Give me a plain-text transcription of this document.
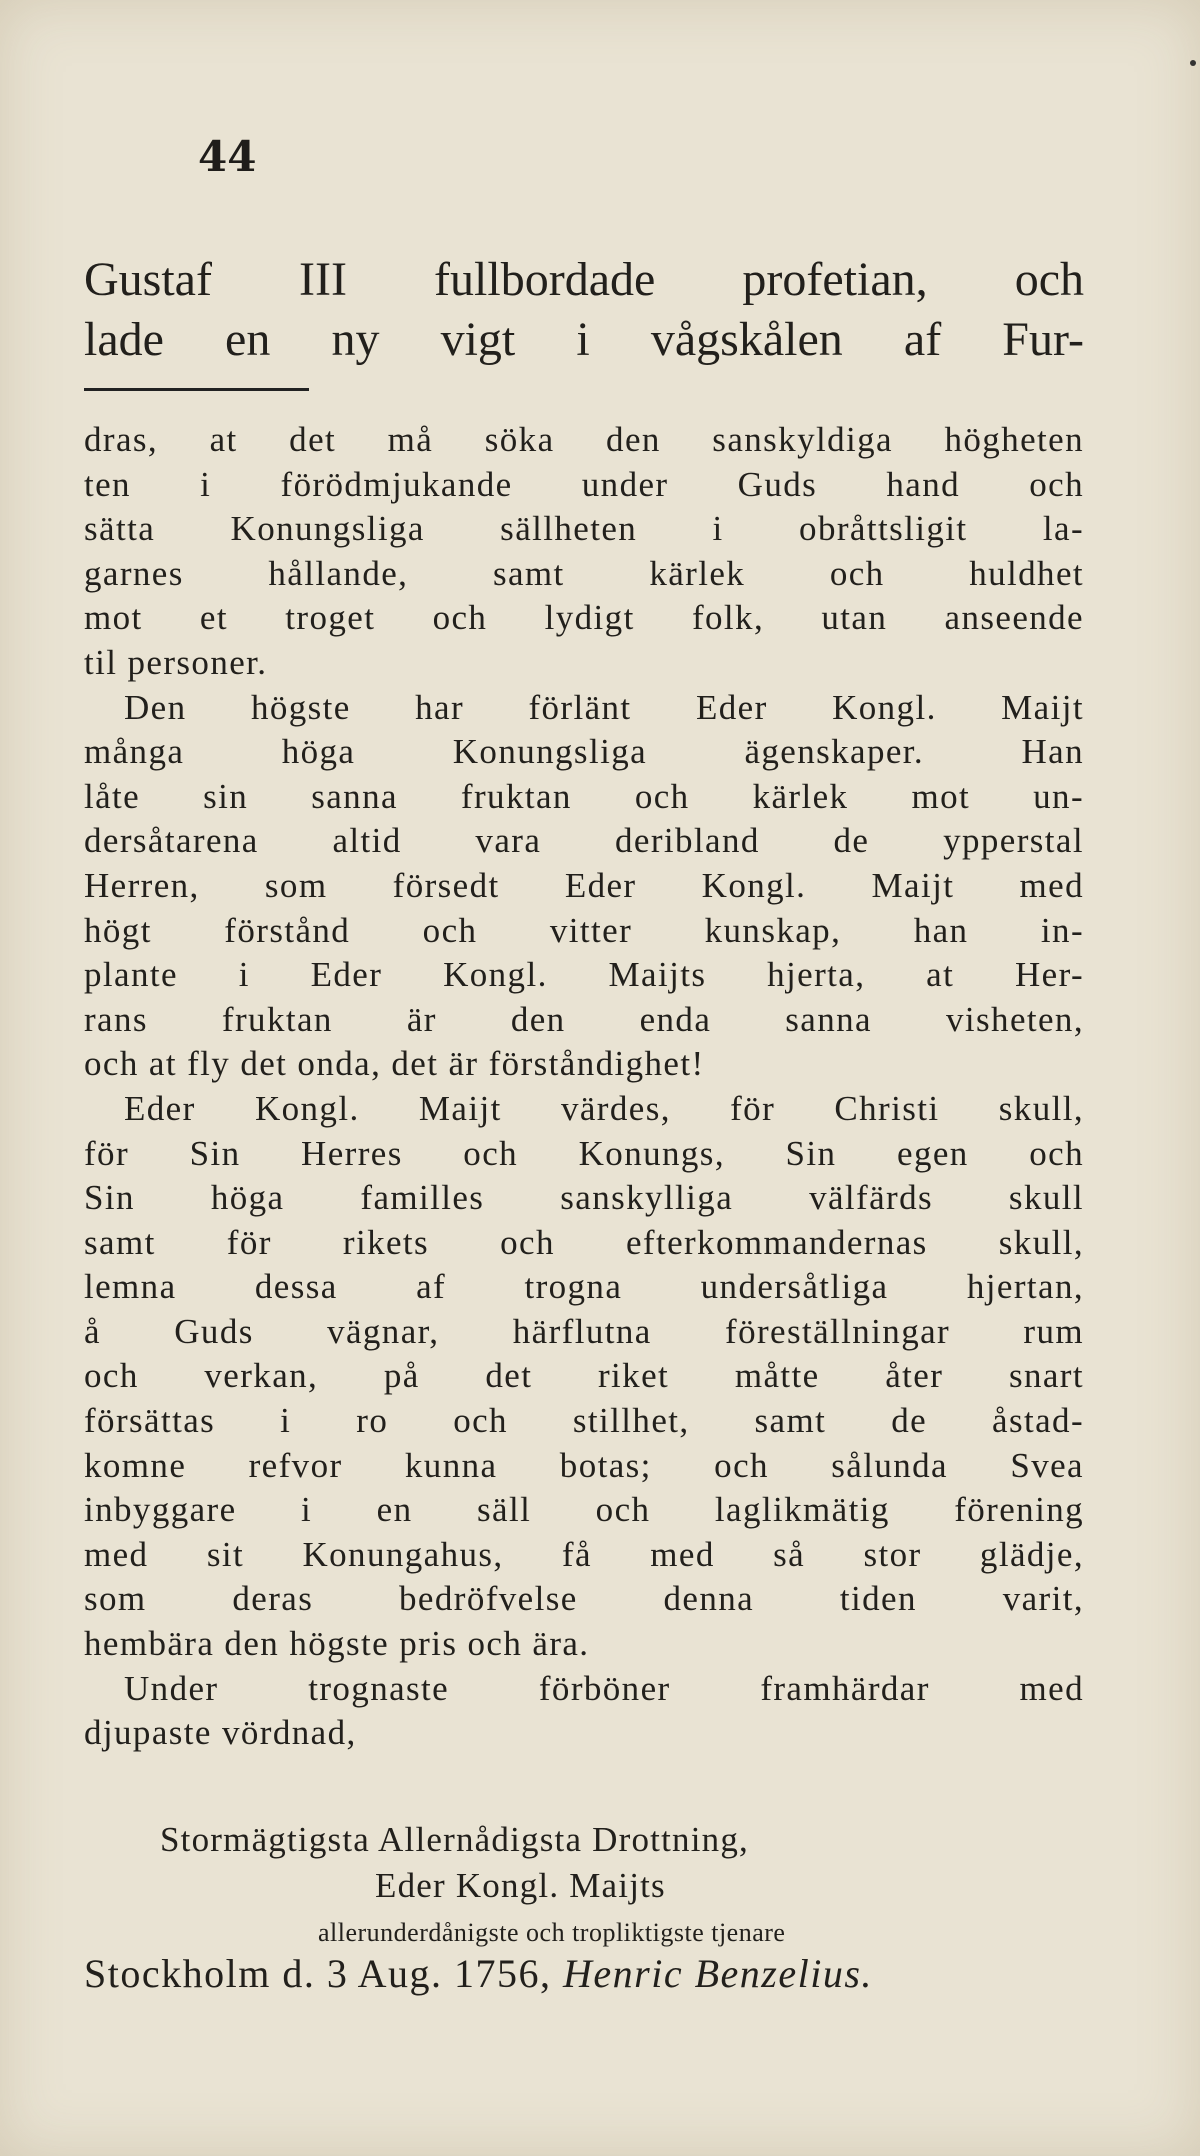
44
Gustaf III fullbordade profetian, och
lade en ny vigt i vågskålen af Fur-
dras, at det må söka den sanskyldiga högheten
ten i förödmjukande under Guds hand och
sätta Konungsliga sällheten i obråttsligit la-
garnes hållande, samt kärlek och huldhet
mot et troget och lydigt folk, utan anseende
til personer.
Den högste har förlänt Eder Kongl. Maijt
många höga Konungsliga ägenskaper. Han
låte sin sanna fruktan och kärlek mot un-
dersåtarena altid vara deribland de ypperstal
Herren, som försedt Eder Kongl. Maijt med
högt förstånd och vitter kunskap, han in-
plante i Eder Kongl. Maijts hjerta, at Her-
rans fruktan är den enda sanna visheten,
och at fly det onda, det är förståndighet!
Eder Kongl. Maijt värdes, för Christi skull,
för Sin Herres och Konungs, Sin egen och
Sin höga familles sanskylliga välfärds skull
samt för rikets och efterkommandernas skull,
lemna dessa af trogna undersåtliga hjertan,
å Guds vägnar, härflutna föreställningar rum
och verkan, på det riket måtte åter snart
försättas i ro och stillhet, samt de åstad-
komne refvor kunna botas; och sålunda Svea
inbyggare i en säll och laglikmätig förening
med sit Konungahus, få med så stor glädje,
som deras bedröfvelse denna tiden varit,
hembära den högste pris och ära.
Under trognaste förböner framhärdar med
djupaste vördnad,
Stormägtigsta Allernådigsta Drottning,
Eder Kongl. Maijts
allerunderdånigste och tropliktigste tjenare
Stockholm d. 3 Aug. 1756, Henric Benzelius.
